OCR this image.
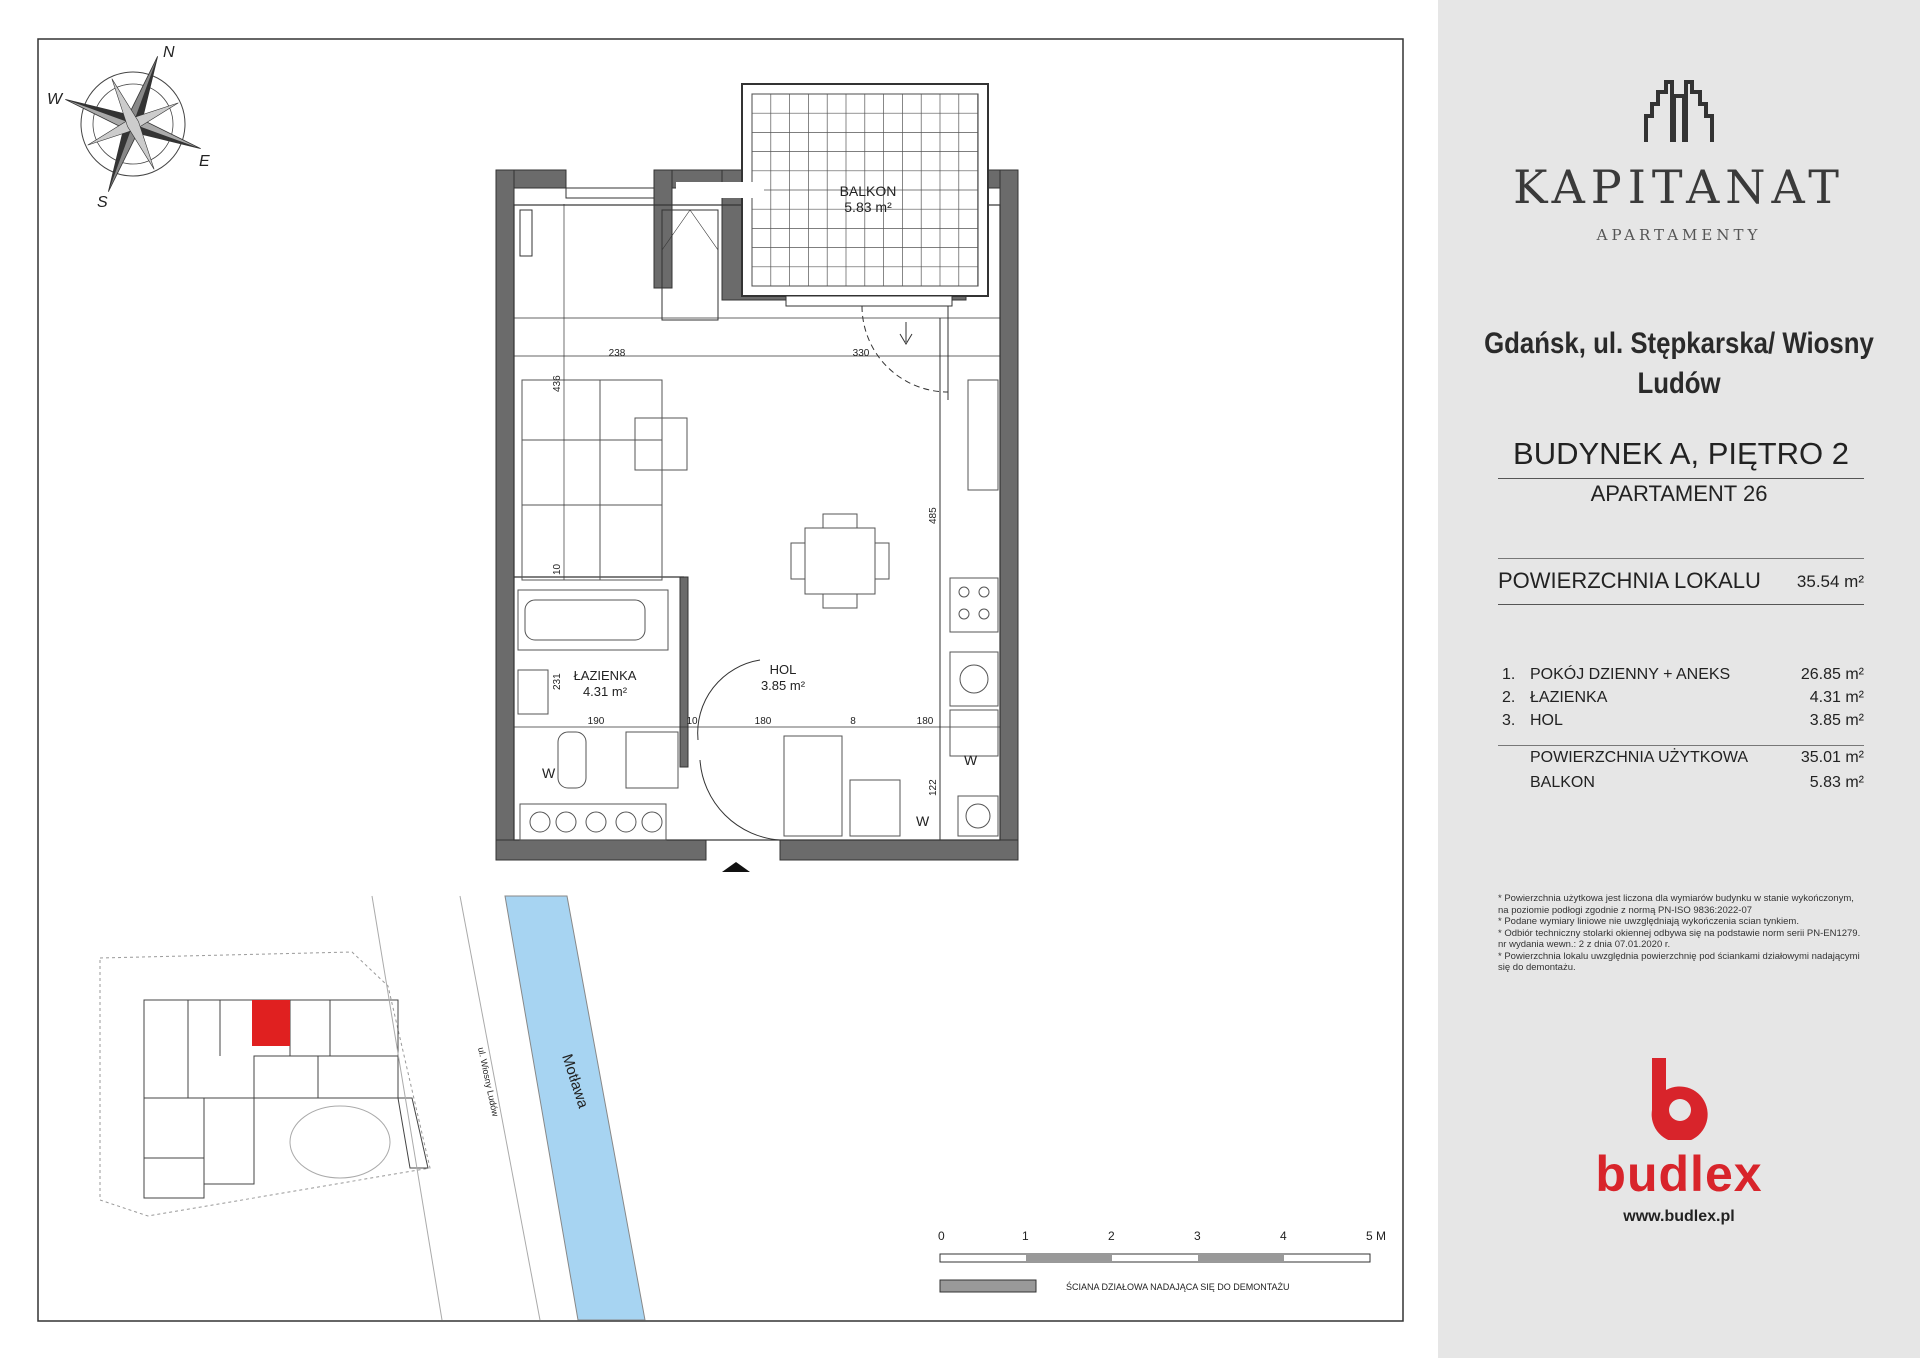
N
E
S
W
BALKON
5.83 m²
ŁAZIENKA
4.31 m²
HOL
3.85 m²
238	330
436
485
10
231
190	10	180	8	180
122
W
W
W
ul. Wiosny Ludów	Motława
0	1	2	3	4	5 M
ŚCIANA DZIAŁOWA NADAJĄCA SIĘ DO DEMONTAŻU
KAPITANAT
APARTAMENTY
Gdańsk, ul. Stępkarska/ Wiosny Ludów
BUDYNEK A, PIĘTRO 2
APARTAMENT 26
POWIERZCHNIA LOKALU 35.54 m²
1. POKÓJ DZIENNY + ANEKS	26.85 m²
2. ŁAZIENKA	4.31 m²
3. HOL	3.85 m²
POWIERZCHNIA UŻYTKOWA	35.01 m²
BALKON	5.83 m²
* Powierzchnia użytkowa jest liczona dla wymiarów budynku w stanie wykończonym, na poziomie podłogi zgodnie z normą PN-ISO 9836:2022-07
* Podane wymiary liniowe nie uwzględniają wykończenia scian tynkiem.
* Odbiór techniczny stolarki okiennej odbywa się na podstawie norm serii PN-EN1279. nr wydania wewn.: 2 z dnia 07.01.2020 r.
* Powierzchnia lokalu uwzględnia powierzchnię pod ściankami działowymi nadającymi się do demontażu.
budlex
www.budlex.pl
